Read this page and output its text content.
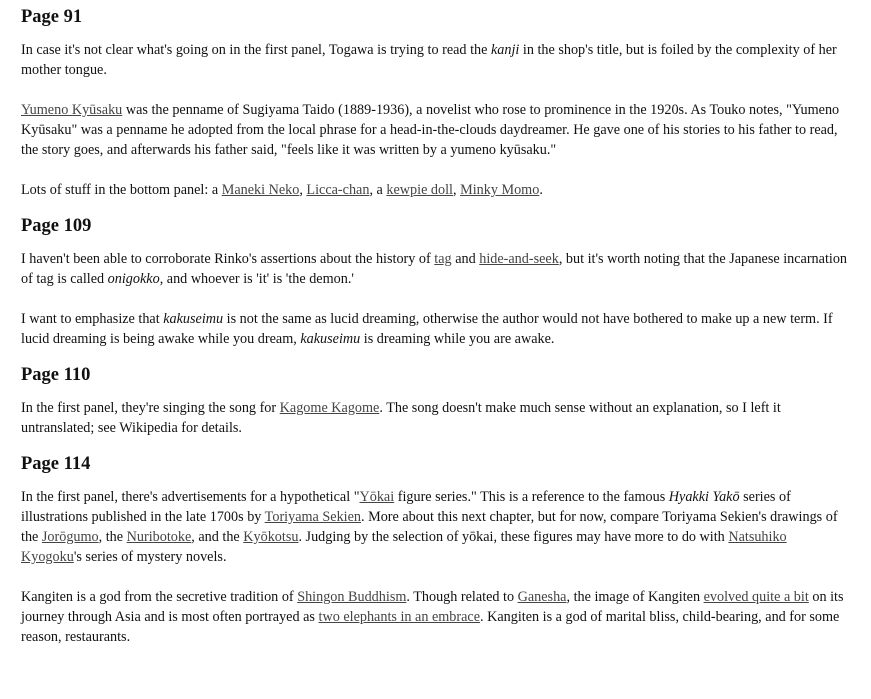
Page 91

In case it's not clear what's going on in the first panel, Togawa is trying to read the kanji in the shop's title, but is foiled by the complexity of her mother tongue.

Yumeno Kyūsaku was the penname of Sugiyama Taido (1889-1936), a novelist who rose to prominence in the 1920s. As Touko notes, "Yumeno Kyūsaku" was a penname he adopted from the local phrase for a head-in-the-clouds daydreamer. He gave one of his stories to his father to read, the story goes, and afterwards his father said, "feels like it was written by a yumeno kyūsaku."

Lots of stuff in the bottom panel: a Maneki Neko, Licca-chan, a kewpie doll, Minky Momo.

Page 109

I haven't been able to corroborate Rinko's assertions about the history of tag and hide-and-seek, but it's worth noting that the Japanese incarnation of tag is called onigokko, and whoever is 'it' is 'the demon.'

I want to emphasize that kakuseimu is not the same as lucid dreaming, otherwise the author would not have bothered to make up a new term. If lucid dreaming is being awake while you dream, kakuseimu is dreaming while you are awake.

Page 110

In the first panel, they're singing the song for Kagome Kagome. The song doesn't make much sense without an explanation, so I left it untranslated; see Wikipedia for details.

Page 114

In the first panel, there's advertisements for a hypothetical "Yōkai figure series." This is a reference to the famous Hyakki Yakō series of illustrations published in the late 1700s by Toriyama Sekien. More about this next chapter, but for now, compare Toriyama Sekien's drawings of the Jorōgumo, the Nuribotoke, and the Kyōkotsu. Judging by the selection of yōkai, these figures may have more to do with Natsuhiko Kyogoku's series of mystery novels.

Kangiten is a god from the secretive tradition of Shingon Buddhism. Though related to Ganesha, the image of Kangiten evolved quite a bit on its journey through Asia and is most often portrayed as two elephants in an embrace. Kangiten is a god of marital bliss, child-bearing, and for some reason, restaurants.
